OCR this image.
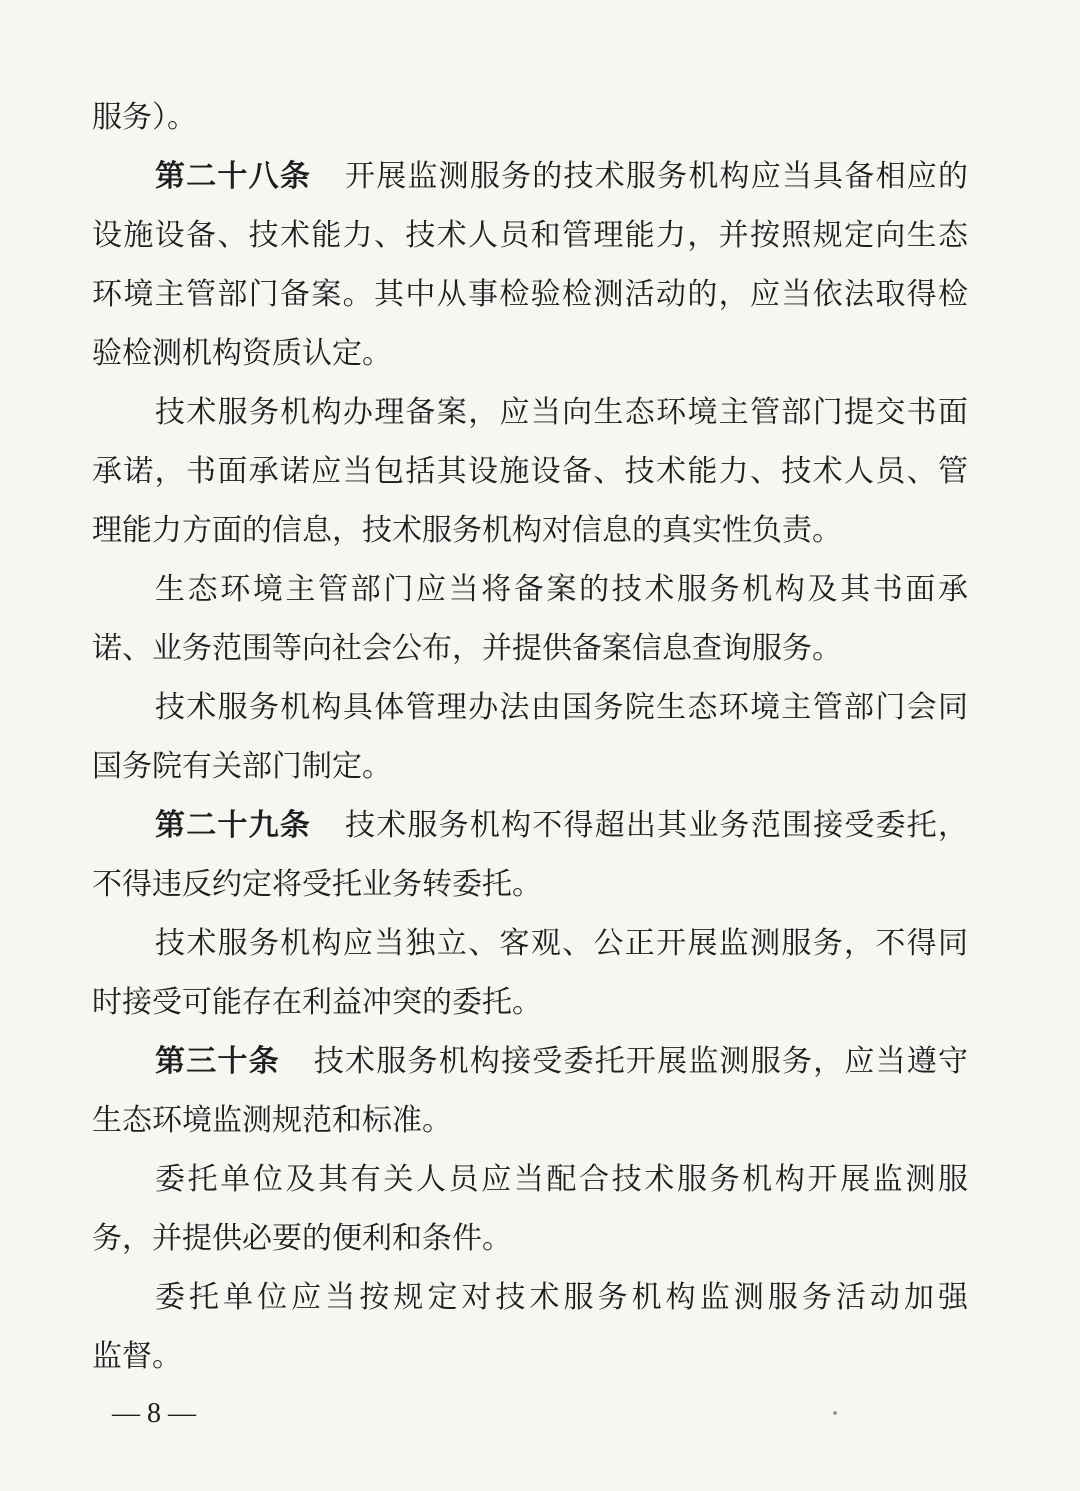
服务）。

第二十八条 开展监测服务的技术服务机构应当具备相应的

设施设备、技术能力、技术人员和管理能力，并按照规定向生态

环境主管部门备案。其中从事检验检测活动的，应当依法取得检

验检测机构资质认定。

技术服务机构办理备案，应当向生态环境主管部门提交书面

承诺，书面承诺应当包括其设施设备、技术能力、技术人员、管

理能力方面的信息，技术服务机构对信息的真实性负责。

生态环境主管部门应当将备案的技术服务机构及其书面承

诺、业务范围等向社会公布，并提供备案信息查询服务。

技术服务机构具体管理办法由国务院生态环境主管部门会同

国务院有关部门制定。

第二十九条 技术服务机构不得超出其业务范围接受委托，

不得违反约定将受托业务转委托。

技术服务机构应当独立、客观、公正开展监测服务，不得同

时接受可能存在利益冲突的委托。

第三十条 技术服务机构接受委托开展监测服务，应当遵守

生态环境监测规范和标准。

委托单位及其有关人员应当配合技术服务机构开展监测服

务，并提供必要的便利和条件。

委托单位应当按规定对技术服务机构监测服务活动加强

监督。

— 8 —
